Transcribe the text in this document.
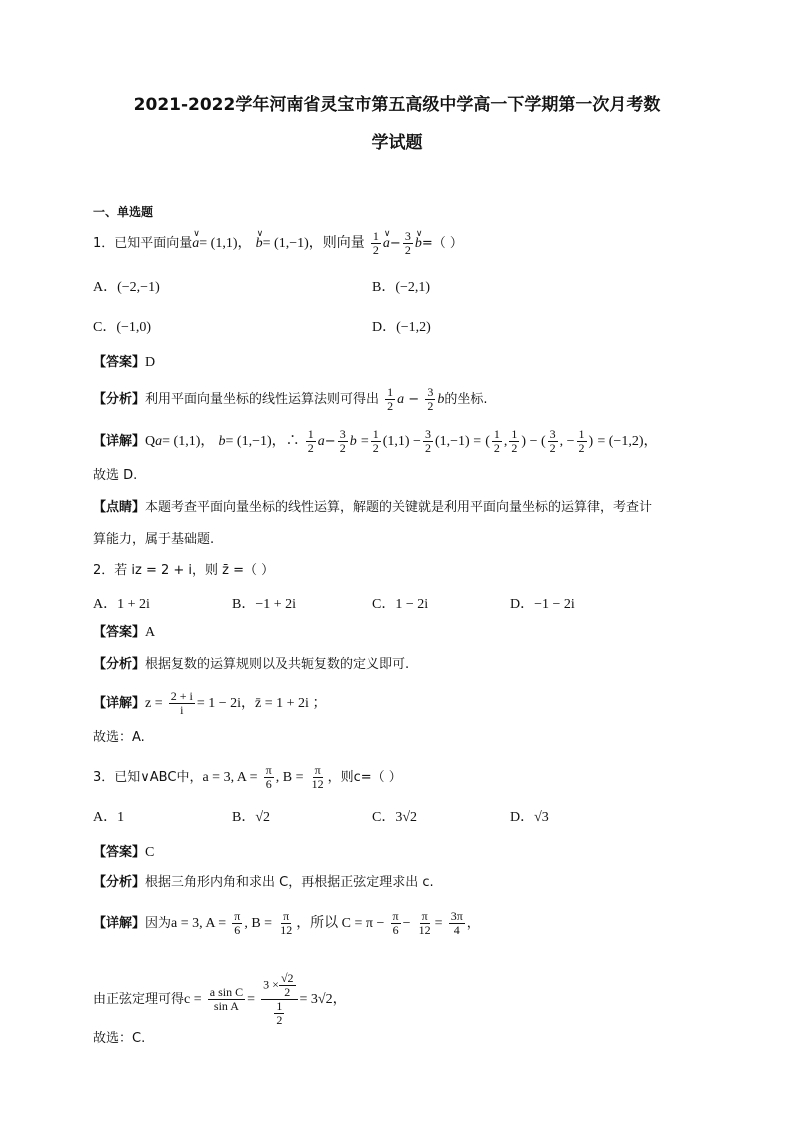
2021-2022学年河南省灵宝市第五高级中学高一下学期第一次月考数
学试题
一、单选题
1．已知平面向量∨ a= (1,1)， ∨ b= (1,−1)，则向量 $\frac{1}{2}$ ∨ $a- \frac{3}{2}$ ∨ b=（ ）
A．(−2,−1)	B．(−2,1)
C．(−1,0)	D．(−1,2)
【答案】D
【分析】利用平面向量坐标的线性运算法则可得出 $\frac{1}{2}$ $a - \frac{3}{2}$ b的坐标.
【详解】Qa= (1,1)， b= (1,−1)，∴ $\frac{1}{2} a- \frac{3}{2}$ $b = \frac{1}{2} (1,1) - \frac{3}{2} (1,-1)$ = ( $\frac{1}{2}$ , $\frac{1}{2}$ ) − ( $\frac{3}{2}$ , − $\frac{1}{2}$ ) = (−1,2)，
故选 D.
【点睛】本题考查平面向量坐标的线性运算，解题的关键就是利用平面向量坐标的运算律，考查计
算能力，属于基础题.
2．若 iz = 2 + i，则 z̄ =（ ）
A．1 + 2i	B．−1 + 2i	C．1 − 2i	D．−1 − 2i
【答案】A
【分析】根据复数的运算规则以及共轭复数的定义即可.
【详解】$z = \frac{2 + i}{i} = 1 - 2i$，z̄ = 1 + 2i ；
故选：A.
3．已知∨ABC中，a = 3, $A = \frac{\pi}{6}$ , $B = \frac{\pi}{12}$ ，则c=（ ）
A．1	B．√2	C．3√2	D．√3
【答案】C
【分析】根据三角形内角和求出 C，再根据正弦定理求出 c.
【详解】因为a = 3, $A = \frac{\pi}{6}$ , $B = \frac{\pi}{12}$ ，所以 $C = \pi - \frac{\pi}{6} - \frac{\pi}{12} = \frac{3\pi}{4}$ ，
由正弦定理可得$c = \frac{\text{a sin C}}{\text{sin A}} = \frac{3 \times \frac{√2}{2}}{\frac{1}{2}} = 3√2$，
故选：C.
